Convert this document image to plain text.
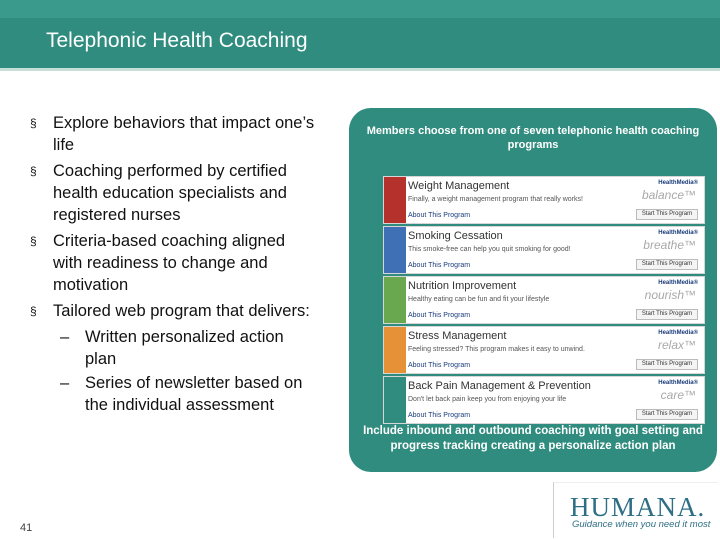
Telephonic Health Coaching
§ Explore behaviors that impact one’s life
§ Coaching performed by certified health education specialists and registered nurses
§ Criteria-based coaching aligned with readiness to change and motivation
§ Tailored web program that delivers:
– Written personalized action plan
– Series of newsletter based on the individual assessment
Members choose from one of seven telephonic health coaching programs
Include inbound and outbound coaching with goal setting and progress tracking creating a personalize action plan
Weight Management
Finally, a weight management program that really works!
About This Program
HealthMedia®
balance™
Start This Program
Smoking Cessation
This smoke-free can help you quit smoking for good!
About This Program
HealthMedia®
breathe™
Start This Program
Nutrition Improvement
Healthy eating can be fun and fit your lifestyle
About This Program
HealthMedia®
nourish™
Start This Program
Stress Management
Feeling stressed? This program makes it easy to unwind.
About This Program
HealthMedia®
relax™
Start This Program
Back Pain Management & Prevention
Don't let back pain keep you from enjoying your life
About This Program
HealthMedia®
care™
Start This Program
41
HUMANA.
Guidance when you need it most
